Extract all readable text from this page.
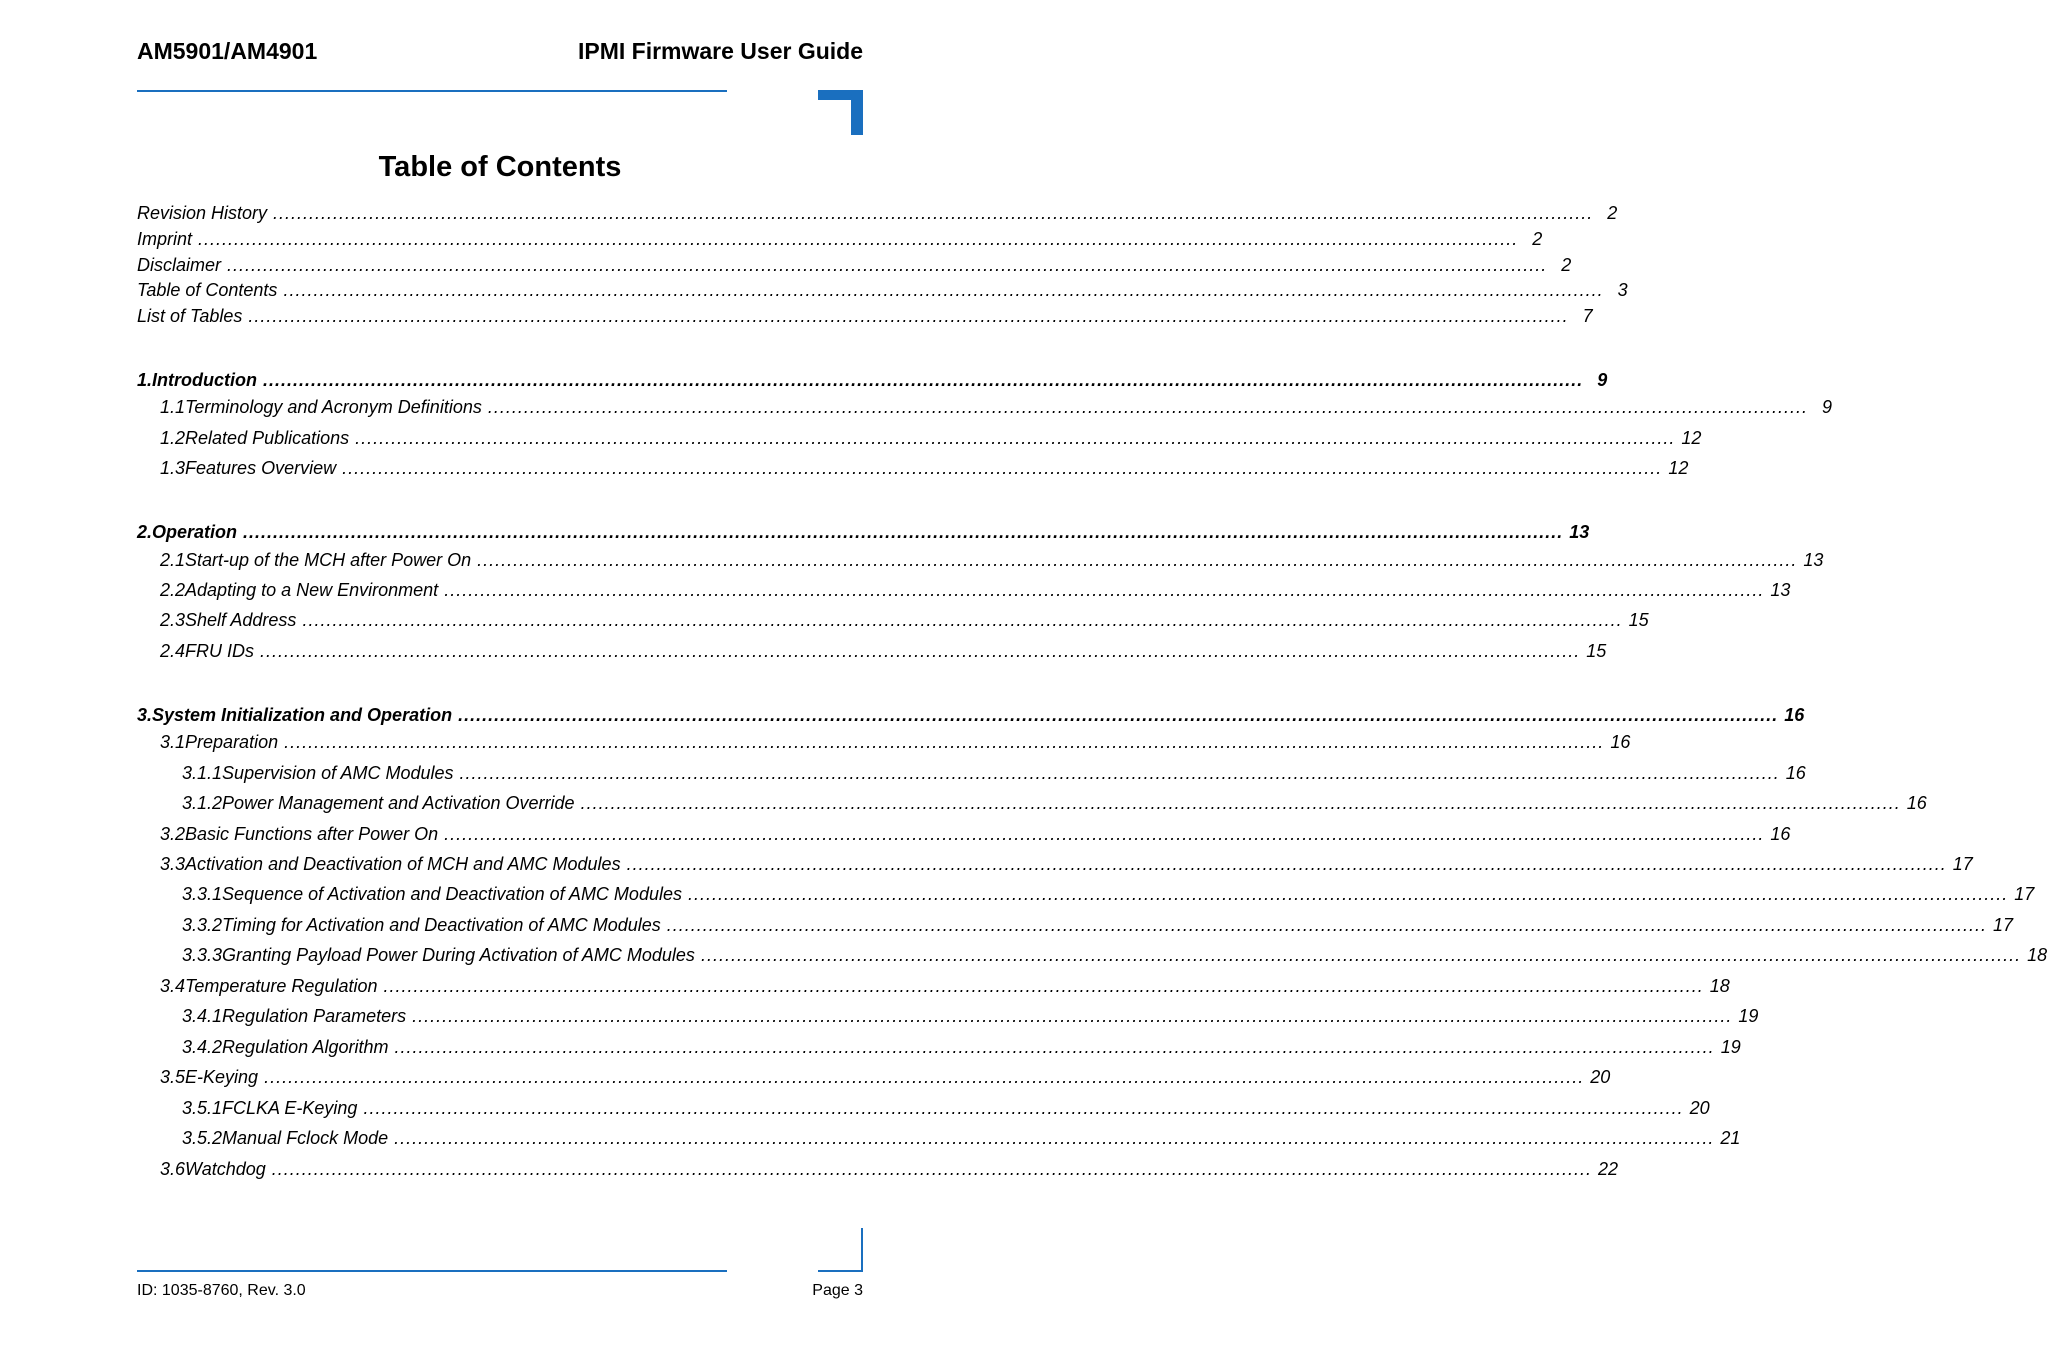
AM5901/AM4901	IPMI Firmware User Guide
Table of Contents
Revision History ............................................................................................................................................................................................................................ 2
Imprint ............................................................................................................................................................................................................................ 2
Disclaimer ............................................................................................................................................................................................................................ 2
Table of Contents ............................................................................................................................................................................................................................ 3
List of Tables ............................................................................................................................................................................................................................ 7
1. Introduction ............................................................................................................................................................................................................................ 9
1.1 Terminology and Acronym Definitions ............................................................................................................................................................................................................................ 9
1.2 Related Publications ............................................................................................................................................................................................................................ 12
1.3 Features Overview ............................................................................................................................................................................................................................ 12
2. Operation ............................................................................................................................................................................................................................ 13
2.1 Start-up of the MCH after Power On ............................................................................................................................................................................................................................ 13
2.2 Adapting to a New Environment ............................................................................................................................................................................................................................ 13
2.3 Shelf Address ............................................................................................................................................................................................................................ 15
2.4 FRU IDs ............................................................................................................................................................................................................................ 15
3. System Initialization and Operation ............................................................................................................................................................................................................................ 16
3.1 Preparation ............................................................................................................................................................................................................................ 16
3.1.1 Supervision of AMC Modules ............................................................................................................................................................................................................................ 16
3.1.2 Power Management and Activation Override ............................................................................................................................................................................................................................ 16
3.2 Basic Functions after Power On ............................................................................................................................................................................................................................ 16
3.3 Activation and Deactivation of MCH and AMC Modules ............................................................................................................................................................................................................................ 17
3.3.1 Sequence of Activation and Deactivation of AMC Modules ............................................................................................................................................................................................................................ 17
3.3.2 Timing for Activation and Deactivation of AMC Modules ............................................................................................................................................................................................................................ 17
3.3.3 Granting Payload Power During Activation of AMC Modules ............................................................................................................................................................................................................................ 18
3.4 Temperature Regulation ............................................................................................................................................................................................................................ 18
3.4.1 Regulation Parameters ............................................................................................................................................................................................................................ 19
3.4.2 Regulation Algorithm ............................................................................................................................................................................................................................ 19
3.5 E-Keying ............................................................................................................................................................................................................................ 20
3.5.1 FCLKA E-Keying ............................................................................................................................................................................................................................ 20
3.5.2 Manual Fclock Mode ............................................................................................................................................................................................................................ 21
3.6 Watchdog ............................................................................................................................................................................................................................ 22
ID: 1035-8760, Rev. 3.0	Page 3
